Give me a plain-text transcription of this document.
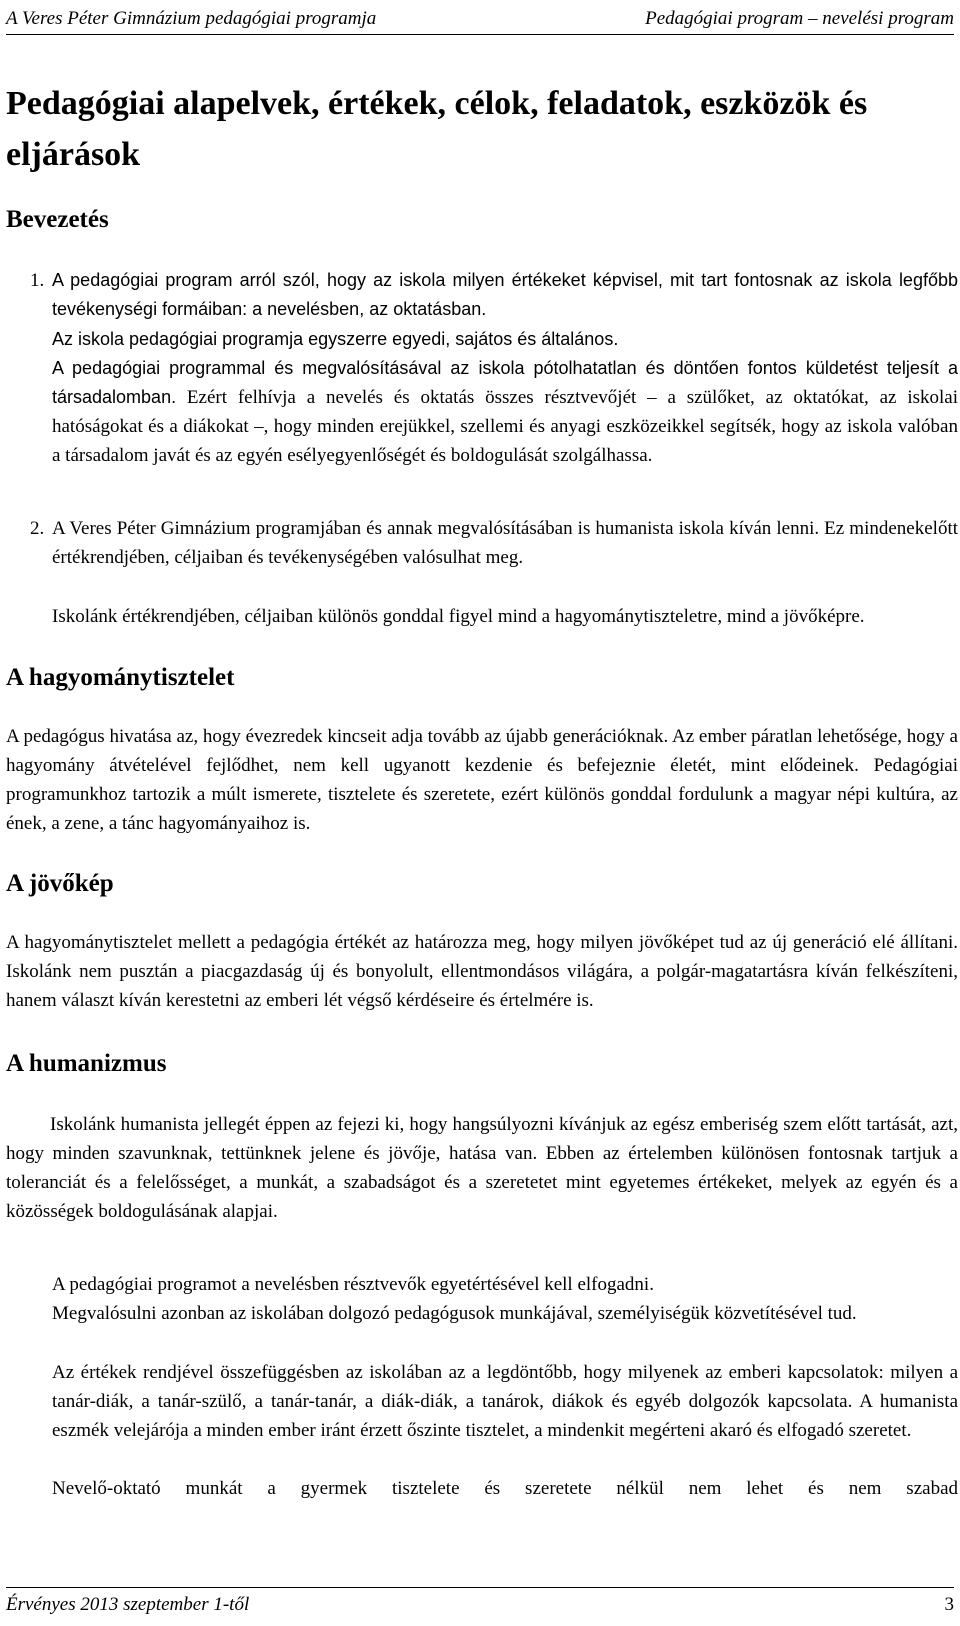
A Veres Péter Gimnázium pedagógiai programja	Pedagógiai program – nevelési program
Pedagógiai alapelvek, értékek, célok, feladatok, eszközök és eljárások
Bevezetés
1. A pedagógiai program arról szól, hogy az iskola milyen értékeket képvisel, mit tart fontosnak az iskola legfőbb tevékenységi formáiban: a nevelésben, az oktatásban.

Az iskola pedagógiai programja egyszerre egyedi, sajátos és általános.

A pedagógiai programmal és megvalósításával az iskola pótolhatatlan és döntően fontos küldetést teljesít a társadalomban. Ezért felhívja a nevelés és oktatás összes résztvevőjét – a szülőket, az oktatókat, az iskolai hatóságokat és a diákokat –, hogy minden erejükkel, szellemi és anyagi eszközeikkel segítsék, hogy az iskola valóban a társadalom javát és az egyén esélyegyenlőségét és boldogulását szolgálhassa.

2. A Veres Péter Gimnázium programjában és annak megvalósításában is humanista iskola kíván lenni. Ez mindenekelőtt értékrendjében, céljaiban és tevékenységében valósulhat meg.

Iskolánk értékrendjében, céljaiban különös gonddal figyel mind a hagyománytiszteletre, mind a jövőképre.

A hagyománytisztelet

A pedagógus hivatása az, hogy évezredek kincseit adja tovább az újabb generációknak. Az ember páratlan lehetősége, hogy a hagyomány átvételével fejlődhet, nem kell ugyanott kezdenie és befejeznie életét, mint elődeinek. Pedagógiai programunkhoz tartozik a múlt ismerete, tisztelete és szeretete, ezért különös gonddal fordulunk a magyar népi kultúra, az ének, a zene, a tánc hagyományaihoz is.

A jövőkép

A hagyománytisztelet mellett a pedagógia értékét az határozza meg, hogy milyen jövőképet tud az új generáció elé állítani. Iskolánk nem pusztán a piacgazdaság új és bonyolult, ellentmondásos világára, a polgár-magatartásra kíván felkészíteni, hanem választ kíván kerestetni az emberi lét végső kérdéseire és értelmére is.

A humanizmus

Iskolánk humanista jellegét éppen az fejezi ki, hogy hangsúlyozni kívánjuk az egész emberiség szem előtt tartását, azt, hogy minden szavunknak, tettünknek jelene és jövője, hatása van. Ebben az értelemben különösen fontosnak tartjuk a toleranciát és a felelősséget, a munkát, a szabadságot és a szeretetet mint egyetemes értékeket, melyek az egyén és a közösségek boldogulásának alapjai.

A pedagógiai programot a nevelésben résztvevők egyetértésével kell elfogadni.

Megvalósulni azonban az iskolában dolgozó pedagógusok munkájával, személyiségük közvetítésével tud.

Az értékek rendjével összefüggésben az iskolában az a legdöntőbb, hogy milyenek az emberi kapcsolatok: milyen a tanár-diák, a tanár-szülő, a tanár-tanár, a diák-diák, a tanárok, diákok és egyéb dolgozók kapcsolata. A humanista eszmék velejárója a minden ember iránt érzett őszinte tisztelet, a mindenkit megérteni akaró és elfogadó szeretet.

Nevelő-oktató munkát a gyermek tisztelete és szeretete nélkül nem lehet és nem szabad

Érvényes 2013 szeptember 1-től	3
